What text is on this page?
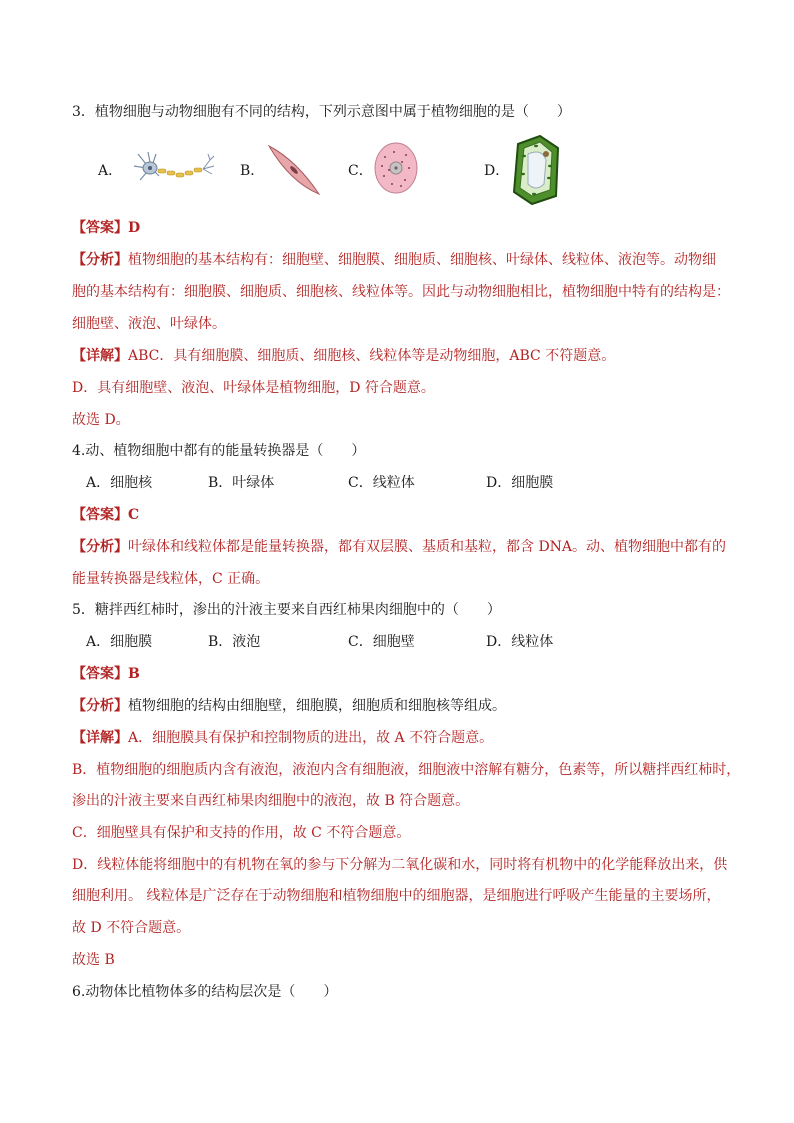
3．植物细胞与动物细胞有不同的结构，下列示意图中属于植物细胞的是（　　）
A．	B．	C．	D．
【答案】D
【分析】植物细胞的基本结构有：细胞壁、细胞膜、细胞质、细胞核、叶绿体、线粒体、液泡等。动物细
胞的基本结构有：细胞膜、细胞质、细胞核、线粒体等。因此与动物细胞相比，植物细胞中特有的结构是：
细胞壁、液泡、叶绿体。
【详解】ABC．具有细胞膜、细胞质、细胞核、线粒体等是动物细胞，ABC 不符题意。
D．具有细胞壁、液泡、叶绿体是植物细胞，D 符合题意。
故选 D。
4.动、植物细胞中都有的能量转换器是（　　）
A．细胞核	B．叶绿体	C．线粒体	D．细胞膜
【答案】C
【分析】叶绿体和线粒体都是能量转换器，都有双层膜、基质和基粒，都含 DNA。动、植物细胞中都有的
能量转换器是线粒体，C 正确。
5．糖拌西红柿时，渗出的汁液主要来自西红柿果肉细胞中的（　　）
A．细胞膜	B．液泡	C．细胞壁	D．线粒体
【答案】B
【分析】植物细胞的结构由细胞壁，细胞膜，细胞质和细胞核等组成。
【详解】A．细胞膜具有保护和控制物质的进出，故 A 不符合题意。
B．植物细胞的细胞质内含有液泡，液泡内含有细胞液，细胞液中溶解有糖分，色素等，所以糖拌西红柿时，
渗出的汁液主要来自西红柿果肉细胞中的液泡，故 B 符合题意。
C．细胞壁具有保护和支持的作用，故 C 不符合题意。
D．线粒体能将细胞中的有机物在氧的参与下分解为二氧化碳和水，同时将有机物中的化学能释放出来，供
细胞利用。 线粒体是广泛存在于动物细胞和植物细胞中的细胞器，是细胞进行呼吸产生能量的主要场所，
故 D 不符合题意。
故选 B
6.动物体比植物体多的结构层次是（　　）
